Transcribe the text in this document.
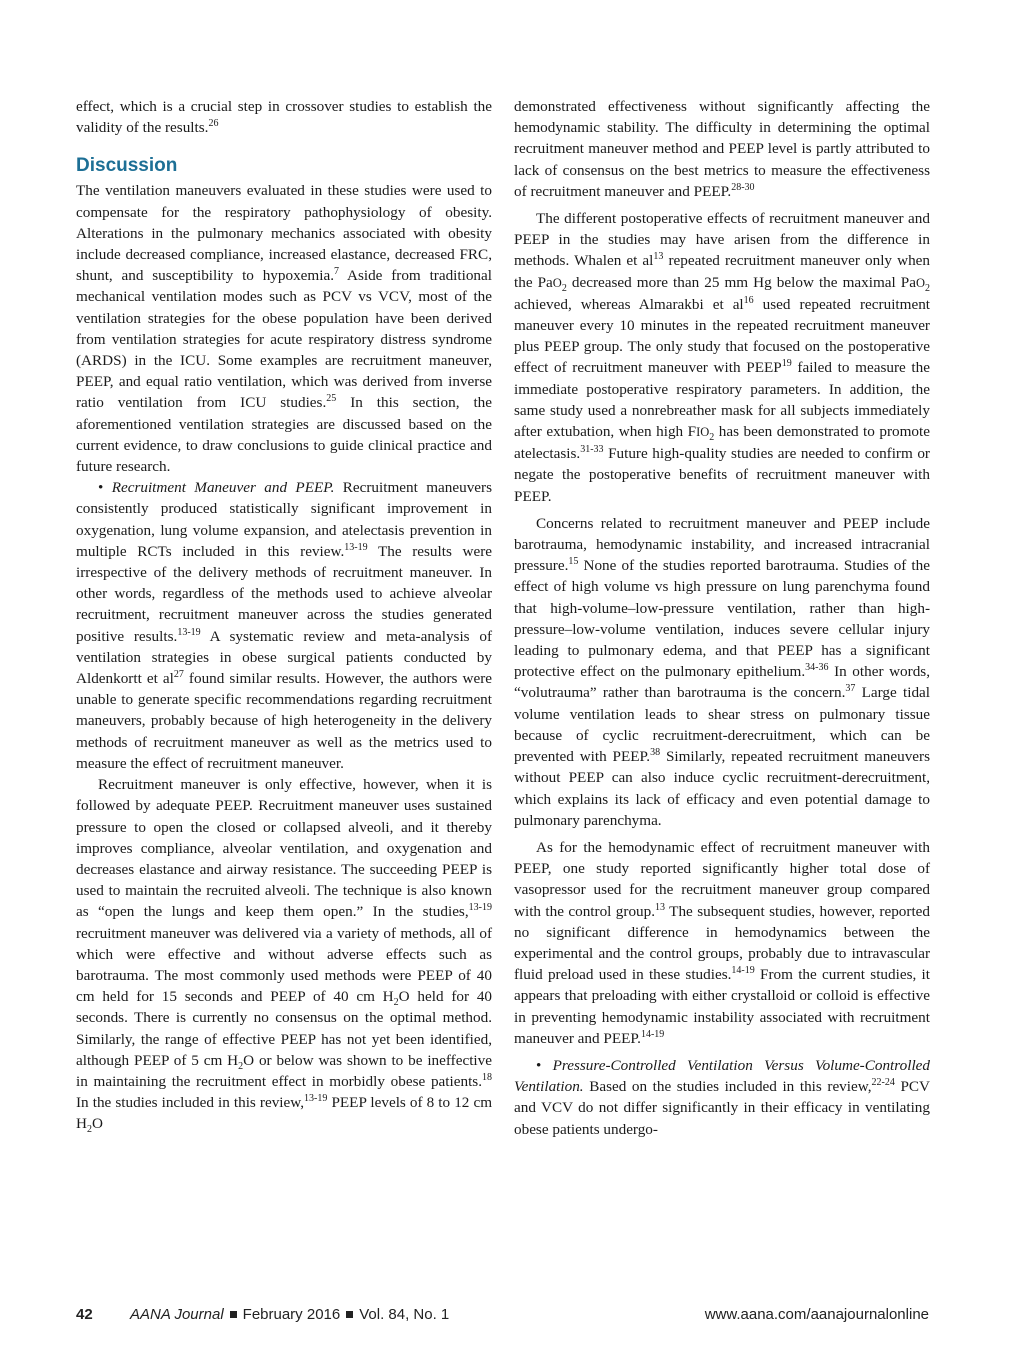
effect, which is a crucial step in crossover studies to establish the validity of the results.$^{26}$

Discussion

The ventilation maneuvers evaluated in these studies were used to compensate for the respiratory pathophysiology of obesity. Alterations in the pulmonary mechanics associated with obesity include decreased compliance, increased elastance, decreased FRC, shunt, and susceptibility to hypoxemia.$^7$ Aside from traditional mechanical ventilation modes such as PCV vs VCV, most of the ventilation strategies for the obese population have been derived from ventilation strategies for acute respiratory distress syndrome (ARDS) in the ICU. Some examples are recruitment maneuver, PEEP, and equal ratio ventilation, which was derived from inverse ratio ventilation from ICU studies.$^{25}$ In this section, the aforementioned ventilation strategies are discussed based on the current evidence, to draw conclusions to guide clinical practice and future research.

• Recruitment Maneuver and PEEP. Recruitment maneuvers consistently produced statistically significant improvement in oxygenation, lung volume expansion, and atelectasis prevention in multiple RCTs included in this review.$^{13-19}$ The results were irrespective of the delivery methods of recruitment maneuver. In other words, regardless of the methods used to achieve alveolar recruitment, recruitment maneuver across the studies generated positive results.$^{13-19}$ A systematic review and meta-analysis of ventilation strategies in obese surgical patients conducted by Aldenkortt et $al^{27}$ found similar results. However, the authors were unable to generate specific recommendations regarding recruitment maneuvers, probably because of high heterogeneity in the delivery methods of recruitment maneuver as well as the metrics used to measure the effect of recruitment maneuver.

Recruitment maneuver is only effective, however, when it is followed by adequate PEEP. Recruitment maneuver uses sustained pressure to open the closed or collapsed alveoli, and it thereby improves compliance, alveolar ventilation, and oxygenation and decreases elastance and airway resistance. The succeeding PEEP is used to maintain the recruited alveoli. The technique is also known as “open the lungs and keep them open.” In the studies,$^{13-19}$ recruitment maneuver was delivered via a variety of methods, all of which were effective and without adverse effects such as barotrauma. The most commonly used methods were PEEP of 40 cm held for 15 seconds and PEEP of 40 cm $H_2O$ held for 40 seconds. There is currently no consensus on the optimal method. Similarly, the range of effective PEEP has not yet been identified, although PEEP of 5 cm $H_2O$ or below was shown to be ineffective in maintaining the recruitment effect in morbidly obese patients.$^{18}$ In the studies included in this review,$^{13-19}$ PEEP levels of 8 to 12 cm $H_2O$

demonstrated effectiveness without significantly affecting the hemodynamic stability. The difficulty in determining the optimal recruitment maneuver method and PEEP level is partly attributed to lack of consensus on the best metrics to measure the effectiveness of recruitment maneuver and PEEP.$^{28-30}$

The different postoperative effects of recruitment maneuver and PEEP in the studies may have arisen from the difference in methods. Whalen et $al^{13}$ repeated recruitment maneuver only when the PaO$_2$ decreased more than 25 mm Hg below the maximal PaO$_2$ achieved, whereas Almarakbi et $al^{16}$ used repeated recruitment maneuver every 10 minutes in the repeated recruitment maneuver plus PEEP group. The only study that focused on the postoperative effect of recruitment maneuver with PEEP$^{19}$ failed to measure the immediate postoperative respiratory parameters. In addition, the same study used a nonrebreather mask for all subjects immediately after extubation, when high $FIO_2$ has been demonstrated to promote atelectasis.$^{31-33}$ Future high-quality studies are needed to confirm or negate the postoperative benefits of recruitment maneuver with PEEP.

Concerns related to recruitment maneuver and PEEP include barotrauma, hemodynamic instability, and increased intracranial pressure.$^{15}$ None of the studies reported barotrauma. Studies of the effect of high volume vs high pressure on lung parenchyma found that high-volume–low-pressure ventilation, rather than high-pressure–low-volume ventilation, induces severe cellular injury leading to pulmonary edema, and that PEEP has a significant protective effect on the pulmonary epithelium.$^{34-36}$ In other words, “volutrauma” rather than barotrauma is the concern.$^{37}$ Large tidal volume ventilation leads to shear stress on pulmonary tissue because of cyclic recruitment-derecruitment, which can be prevented with PEEP.$^{38}$ Similarly, repeated recruitment maneuvers without PEEP can also induce cyclic recruitment-derecruitment, which explains its lack of efficacy and even potential damage to pulmonary parenchyma.

As for the hemodynamic effect of recruitment maneuver with PEEP, one study reported significantly higher total dose of vasopressor used for the recruitment maneuver group compared with the control group.$^{13}$ The subsequent studies, however, reported no significant difference in hemodynamics between the experimental and the control groups, probably due to intravascular fluid preload used in these studies.$^{14-19}$ From the current studies, it appears that preloading with either crystalloid or colloid is effective in preventing hemodynamic instability associated with recruitment maneuver and PEEP.$^{14-19}$

• Pressure-Controlled Ventilation Versus Volume-Controlled Ventilation. Based on the studies included in this review,$^{22-24}$ PCV and VCV do not differ significantly in their efficacy in ventilating obese patients undergo-

42 AANA Journal February 2016 Vol. 84, No. 1	www.aana.com/aanajournalonline
